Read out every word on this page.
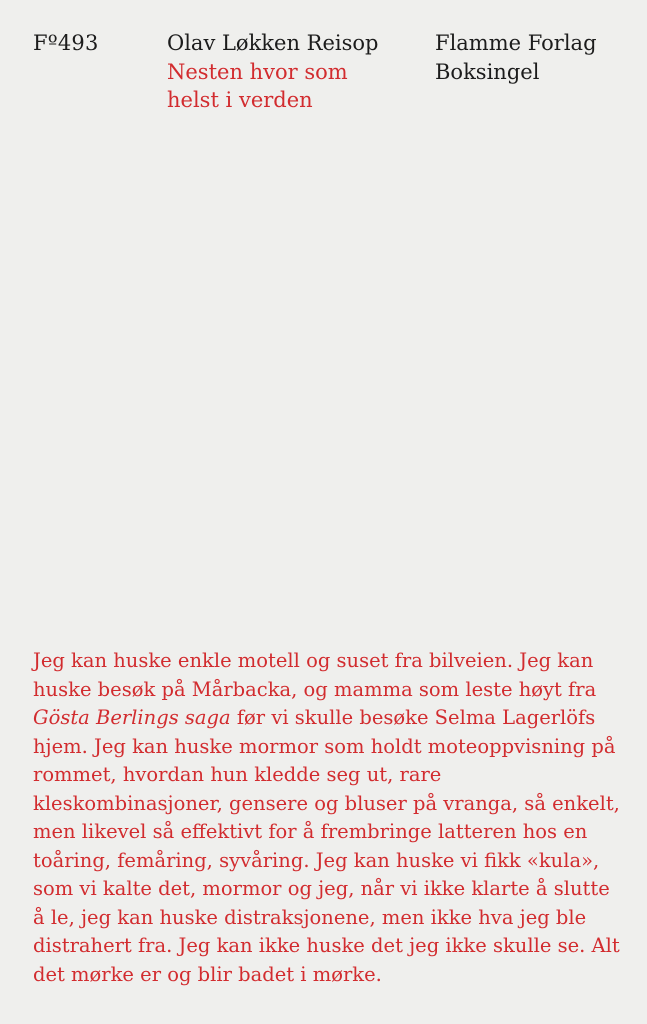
Fº493	Olav Løkken Reisop
Nesten hvor som helst i verden
Flamme Forlag
Boksingel

Jeg kan huske enkle motell og suset fra bilveien. Jeg kan huske besøk på Mårbacka, og mamma som leste høyt fra Gösta Berlings saga før vi skulle besøke Selma Lagerlöfs hjem. Jeg kan huske mormor som holdt moteoppvisning på rommet, hvordan hun kledde seg ut, rare kleskombinasjoner, gensere og bluser på vranga, så enkelt, men likevel så effektivt for å frembringe latteren hos en toåring, femåring, syvåring. Jeg kan huske vi fikk «kula», som vi kalte det, mormor og jeg, når vi ikke klarte å slutte å le, jeg kan huske distraksjonene, men ikke hva jeg ble distrahert fra. Jeg kan ikke huske det jeg ikke skulle se. Alt det mørke er og blir badet i mørke.
